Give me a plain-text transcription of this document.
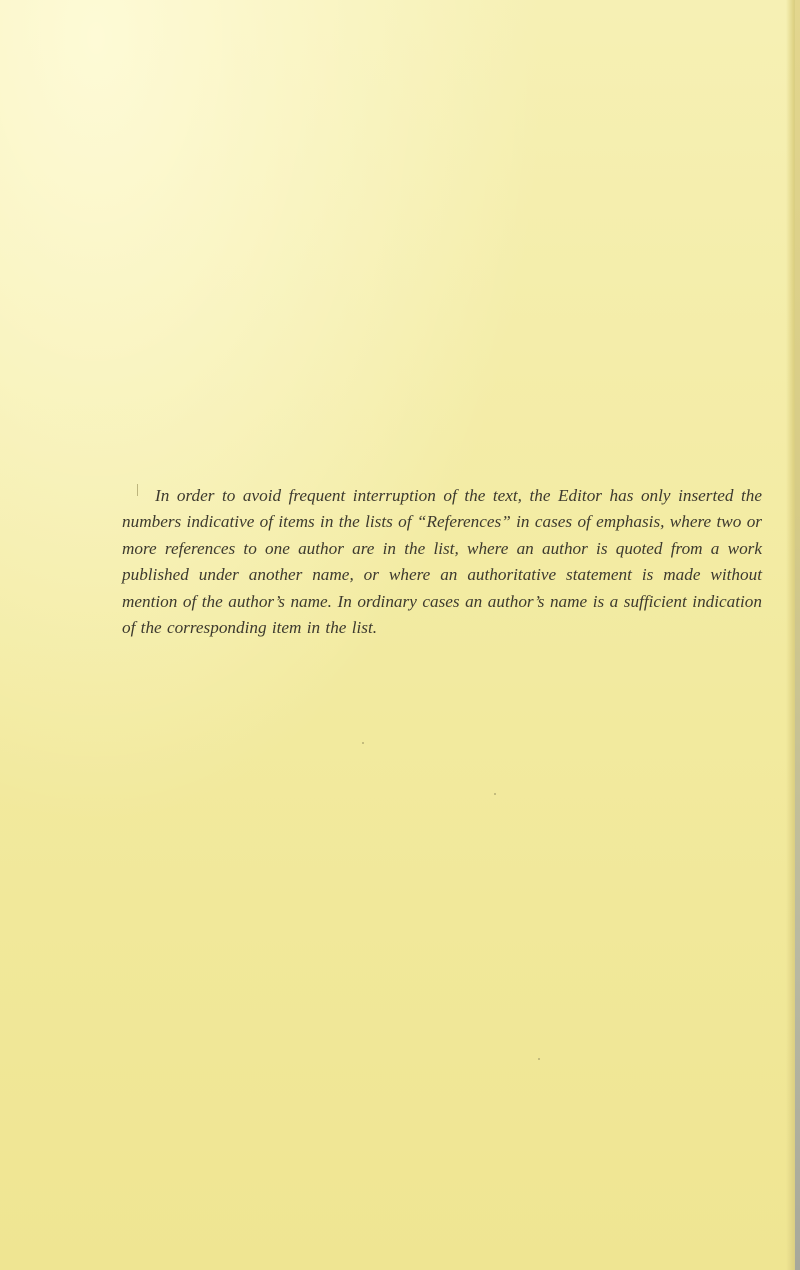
In order to avoid frequent interruption of the text, the Editor has only inserted the numbers indicative of items in the lists of “References” in cases of emphasis, where two or more references to one author are in the list, where an author is quoted from a work published under another name, or where an authoritative statement is made without mention of the author’s name. In ordinary cases an author’s name is a sufficient indication of the corresponding item in the list.
